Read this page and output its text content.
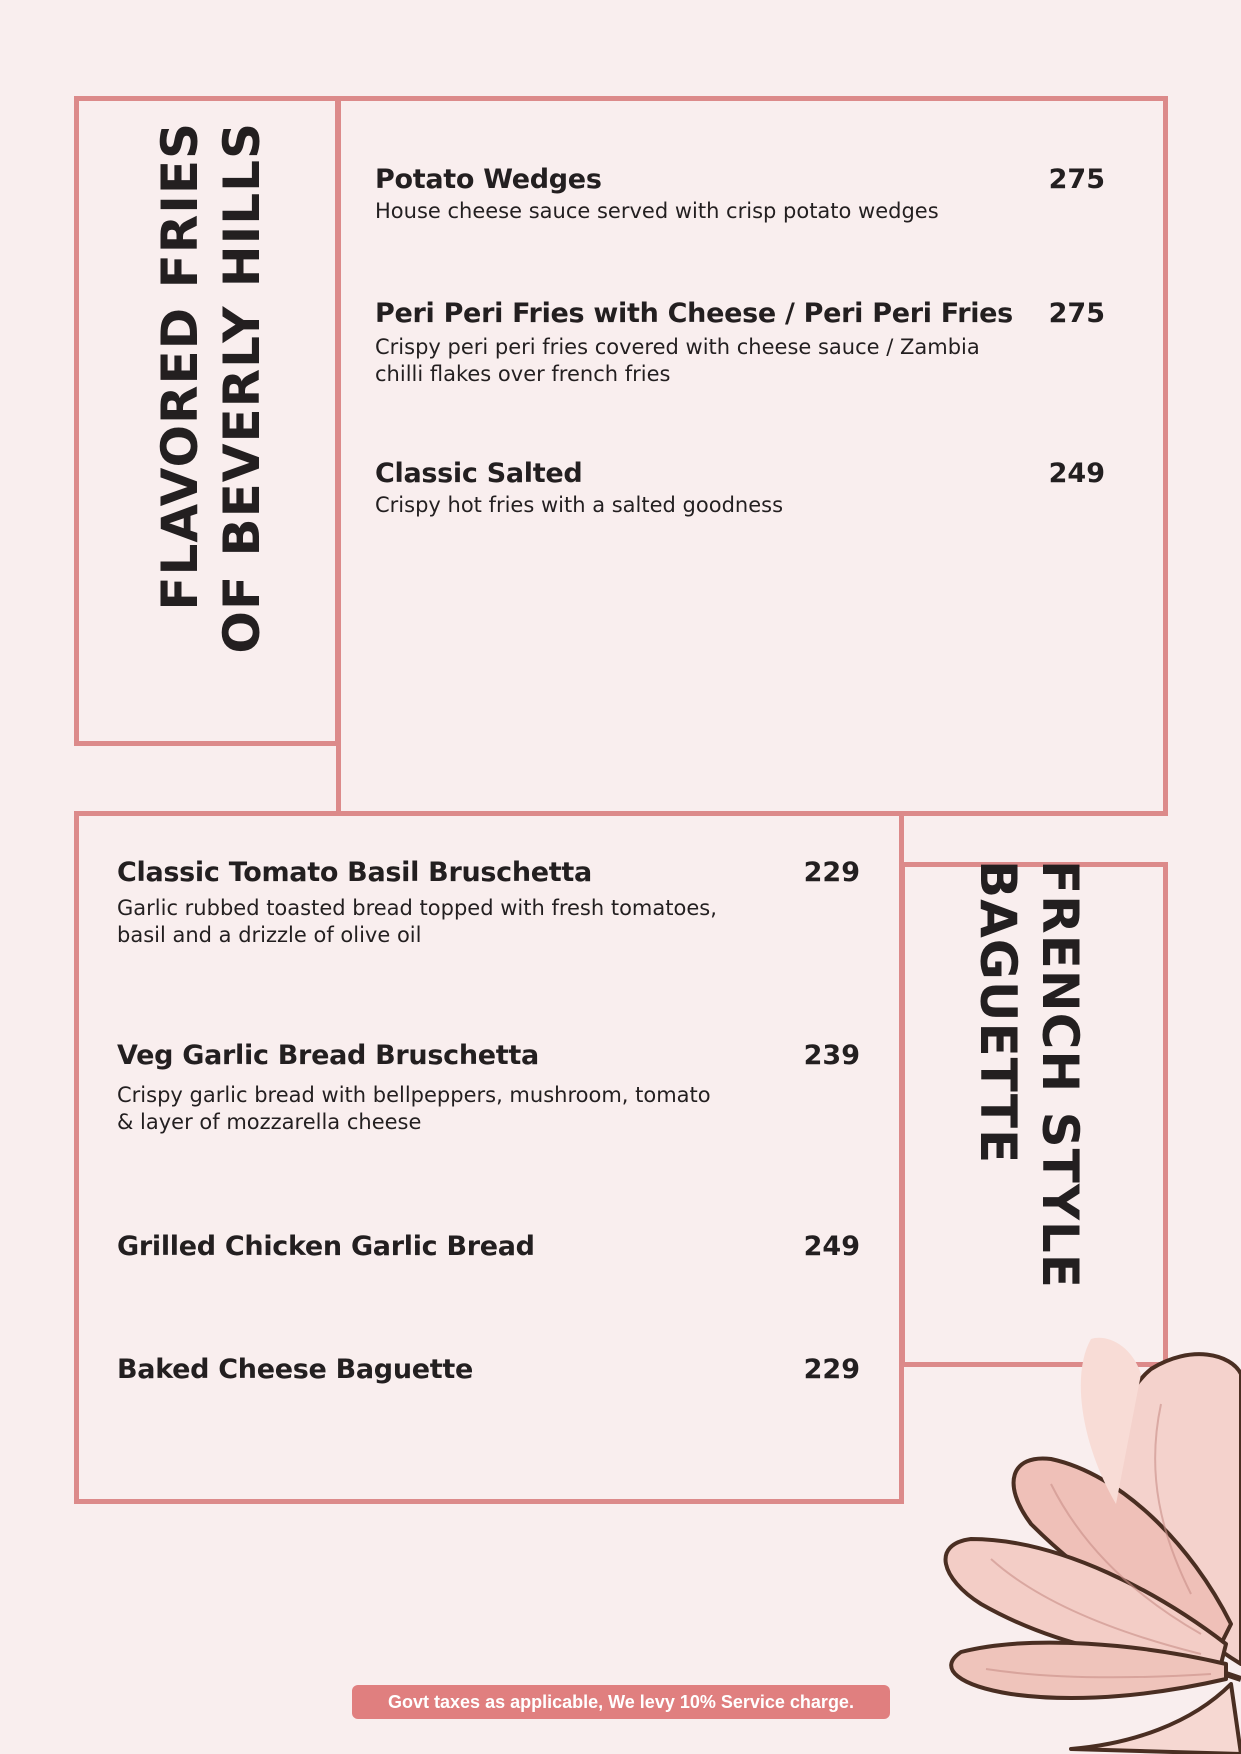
FLAVORED FRIES OF BEVERLY HILLS	Potato Wedges
House cheese sauce served with crisp potato wedges
275
Peri Peri Fries with Cheese / Peri Peri Fries
Crispy peri peri fries covered with cheese sauce / Zambia chilli flakes over french fries
275
Classic Salted
Crispy hot fries with a salted goodness
249
Classic Tomato Basil Bruschetta
Garlic rubbed toasted bread topped with fresh tomatoes, basil and a drizzle of olive oil
229
Veg Garlic Bread Bruschetta
Crispy garlic bread with bellpeppers, mushroom, tomato & layer of mozzarella cheese
239
Grilled Chicken Garlic Bread	249
Baked Cheese Baguette	229
FRENCH STYLE
BAGUETTE
Govt taxes as applicable, We levy 10% Service charge.
